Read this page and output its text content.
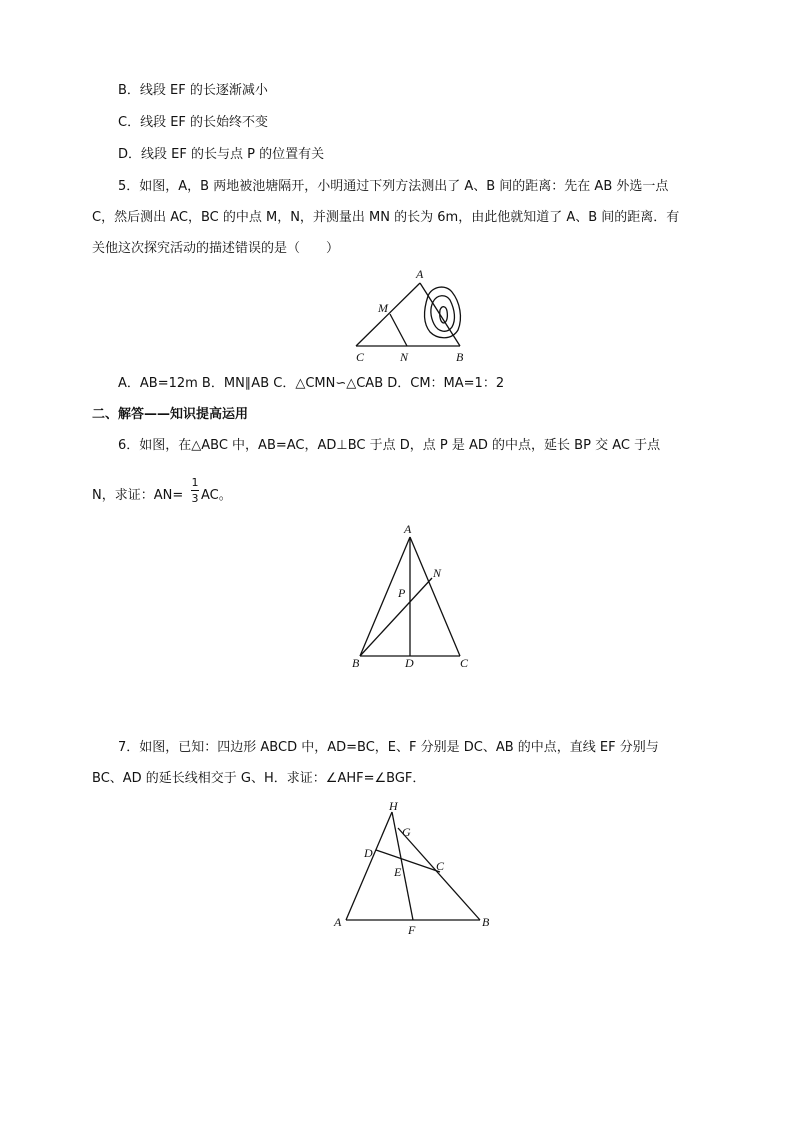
B．线段 EF 的长逐渐减小
C．线段 EF 的长始终不变
D．线段 EF 的长与点 P 的位置有关
5．如图，A，B 两地被池塘隔开，小明通过下列方法测出了 A、B 间的距离：先在 AB 外选一点
C，然后测出 AC，BC 的中点 M，N，并测量出 MN 的长为 6m，由此他就知道了 A、B 间的距离．有
关他这次探究活动的描述错误的是（　　）
A
M
C	N	B
A．AB=12m B．MN∥AB C．△CMN∽△CAB D．CM：MA=1：2
二、解答——知识提高运用
6．如图，在△ABC 中，AB=AC，AD⊥BC 于点 D，点 P 是 AD 的中点，延长 BP 交 AC 于点
N，求证：AN=
1
3 AC。
A
N
P
B	D	C
7．如图，已知：四边形 ABCD 中，AD=BC，E、F 分别是 DC、AB 的中点，直线 EF 分别与
BC、AD 的延长线相交于 G、H．求证：∠AHF=∠BGF．
H
G
D
C
E
A
F
B
